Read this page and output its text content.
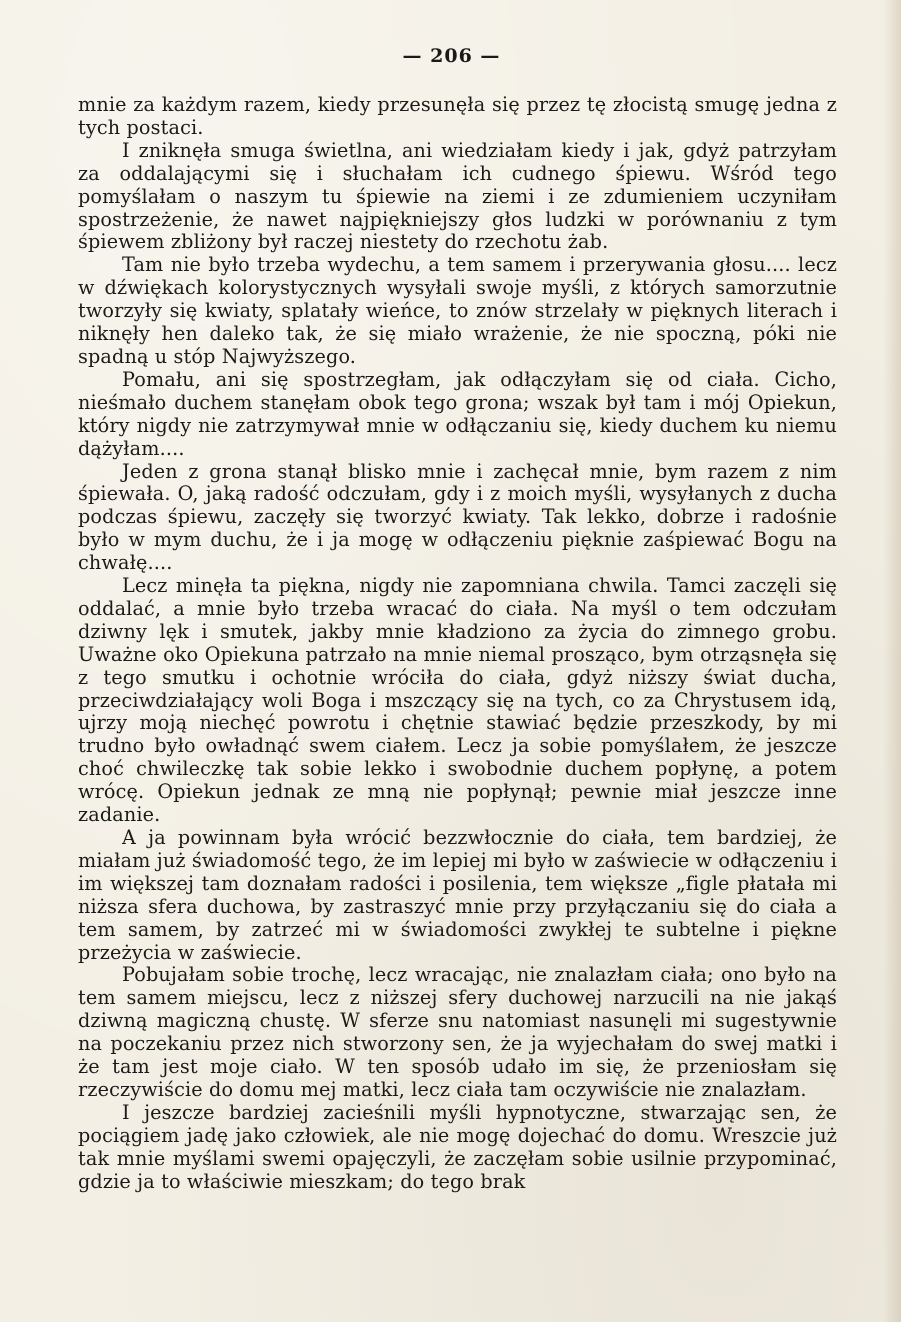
— 206 —

mnie za każdym razem, kiedy przesunęła się przez tę złocistą smugę jedna z tych postaci.

I zniknęła smuga świetlna, ani wiedziałam kiedy i jak, gdyż patrzyłam za oddalającymi się i słuchałam ich cudnego śpiewu. Wśród tego pomyślałam o naszym tu śpiewie na ziemi i ze zdumieniem uczyniłam spostrzeżenie, że nawet najpiękniejszy głos ludzki w porównaniu z tym śpiewem zbliżony był raczej niestety do rzechotu żab.

Tam nie było trzeba wydechu, a tem samem i przerywania głosu.... lecz w dźwiękach kolorystycznych wysyłali swoje myśli, z których samorzutnie tworzyły się kwiaty, splatały wieńce, to znów strzelały w pięknych literach i niknęły hen daleko tak, że się miało wrażenie, że nie spoczną, póki nie spadną u stóp Najwyższego.

Pomału, ani się spostrzegłam, jak odłączyłam się od ciała. Cicho, nieśmało duchem stanęłam obok tego grona; wszak był tam i mój Opiekun, który nigdy nie zatrzymywał mnie w odłączaniu się, kiedy duchem ku niemu dążyłam....

Jeden z grona stanął blisko mnie i zachęcał mnie, bym razem z nim śpiewała. O, jaką radość odczułam, gdy i z moich myśli, wysyłanych z ducha podczas śpiewu, zaczęły się tworzyć kwiaty. Tak lekko, dobrze i radośnie było w mym duchu, że i ja mogę w odłączeniu pięknie zaśpiewać Bogu na chwałę....

Lecz minęła ta piękna, nigdy nie zapomniana chwila. Tamci zaczęli się oddalać, a mnie było trzeba wracać do ciała. Na myśl o tem odczułam dziwny lęk i smutek, jakby mnie kładziono za życia do zimnego grobu. Uważne oko Opiekuna patrzało na mnie niemal prosząco, bym otrząsnęła się z tego smutku i ochotnie wróciła do ciała, gdyż niższy świat ducha, przeciwdziałający woli Boga i mszczący się na tych, co za Chrystusem idą, ujrzy moją niechęć powrotu i chętnie stawiać będzie przeszkody, by mi trudno było owładnąć swem ciałem. Lecz ja sobie pomyślałem, że jeszcze choć chwileczkę tak sobie lekko i swobodnie duchem popłynę, a potem wrócę. Opiekun jednak ze mną nie popłynął; pewnie miał jeszcze inne zadanie.

A ja powinnam była wrócić bezzwłocznie do ciała, tem bardziej, że miałam już świadomość tego, że im lepiej mi było w zaświecie w odłączeniu i im większej tam doznałam radości i posilenia, tem większe „figle płatała mi niższa sfera duchowa, by zastraszyć mnie przy przyłączaniu się do ciała a tem samem, by zatrzeć mi w świadomości zwykłej te subtelne i piękne przeżycia w zaświecie.

Pobujałam sobie trochę, lecz wracając, nie znalazłam ciała; ono było na tem samem miejscu, lecz z niższej sfery duchowej narzucili na nie jakąś dziwną magiczną chustę. W sferze snu natomiast nasunęli mi sugestywnie na poczekaniu przez nich stworzony sen, że ja wyjechałam do swej matki i że tam jest moje ciało. W ten sposób udało im się, że przeniosłam się rzeczywiście do domu mej matki, lecz ciała tam oczywiście nie znalazłam.

I jeszcze bardziej zacieśnili myśli hypnotyczne, stwarzając sen, że pociągiem jadę jako człowiek, ale nie mogę dojechać do domu. Wreszcie już tak mnie myślami swemi opajęczyli, że zaczęłam sobie usilnie przypominać, gdzie ja to właściwie mieszkam; do tego brak
